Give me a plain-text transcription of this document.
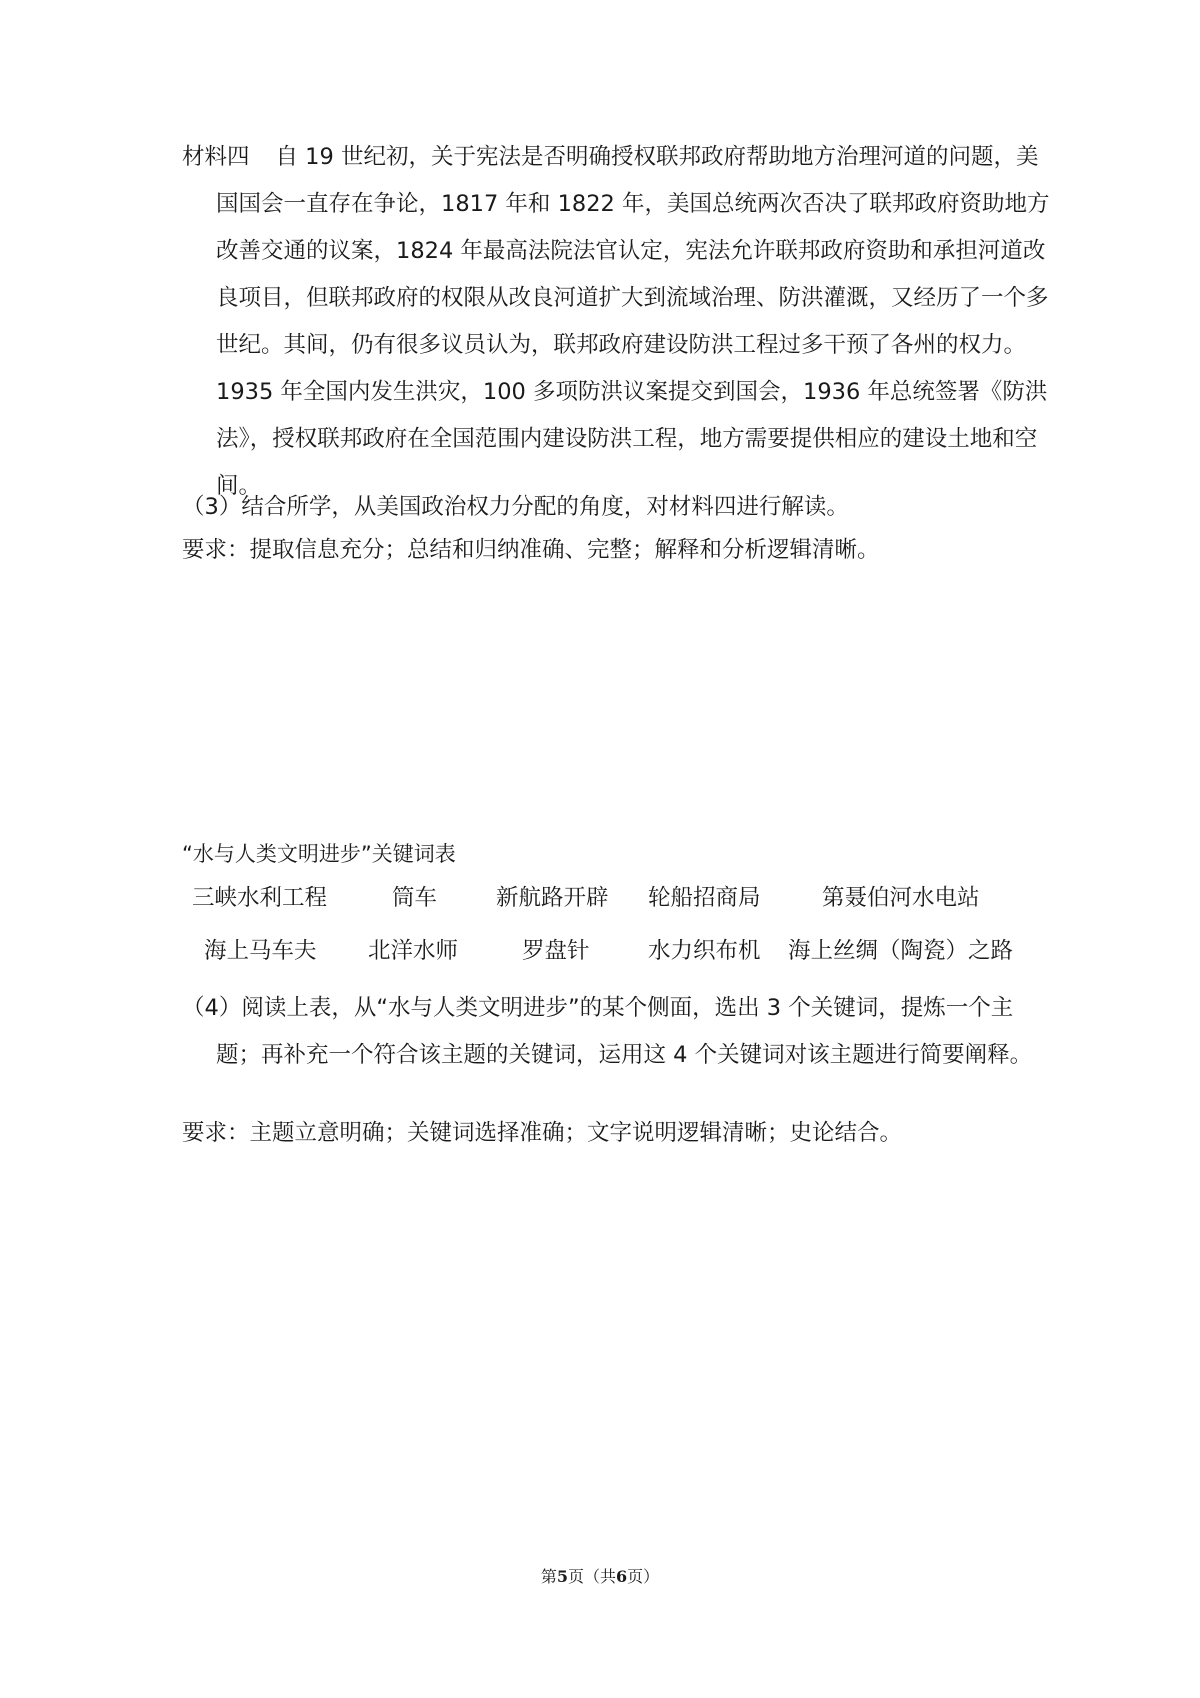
材料四 自 19 世纪初，关于宪法是否明确授权联邦政府帮助地方治理河道的问题，美国国会一直存在争论，1817 年和 1822 年，美国总统两次否决了联邦政府资助地方改善交通的议案，1824 年最高法院法官认定，宪法允许联邦政府资助和承担河道改良项目，但联邦政府的权限从改良河道扩大到流域治理、防洪灌溉，又经历了一个多世纪。其间，仍有很多议员认为，联邦政府建设防洪工程过多干预了各州的权力。1935 年全国内发生洪灾，100 多项防洪议案提交到国会，1936 年总统签署《防洪法》，授权联邦政府在全国范围内建设防洪工程，地方需要提供相应的建设土地和空间。

（3）结合所学，从美国政治权力分配的角度，对材料四进行解读。

要求：提取信息充分；总结和归纳准确、完整；解释和分析逻辑清晰。

“水与人类文明进步”关键词表

三峡水利工程	筒车	新航路开辟 轮船招商局	第聂伯河水电站
海上马车夫 北洋水师	罗盘针	水力织布机 海上丝绸（陶瓷）之路

（4）阅读上表，从“水与人类文明进步”的某个侧面，选出 3 个关键词，提炼一个主题；再补充一个符合该主题的关键词，运用这 4 个关键词对该主题进行简要阐释。

要求：主题立意明确；关键词选择准确；文字说明逻辑清晰；史论结合。

第5页（共6页）
